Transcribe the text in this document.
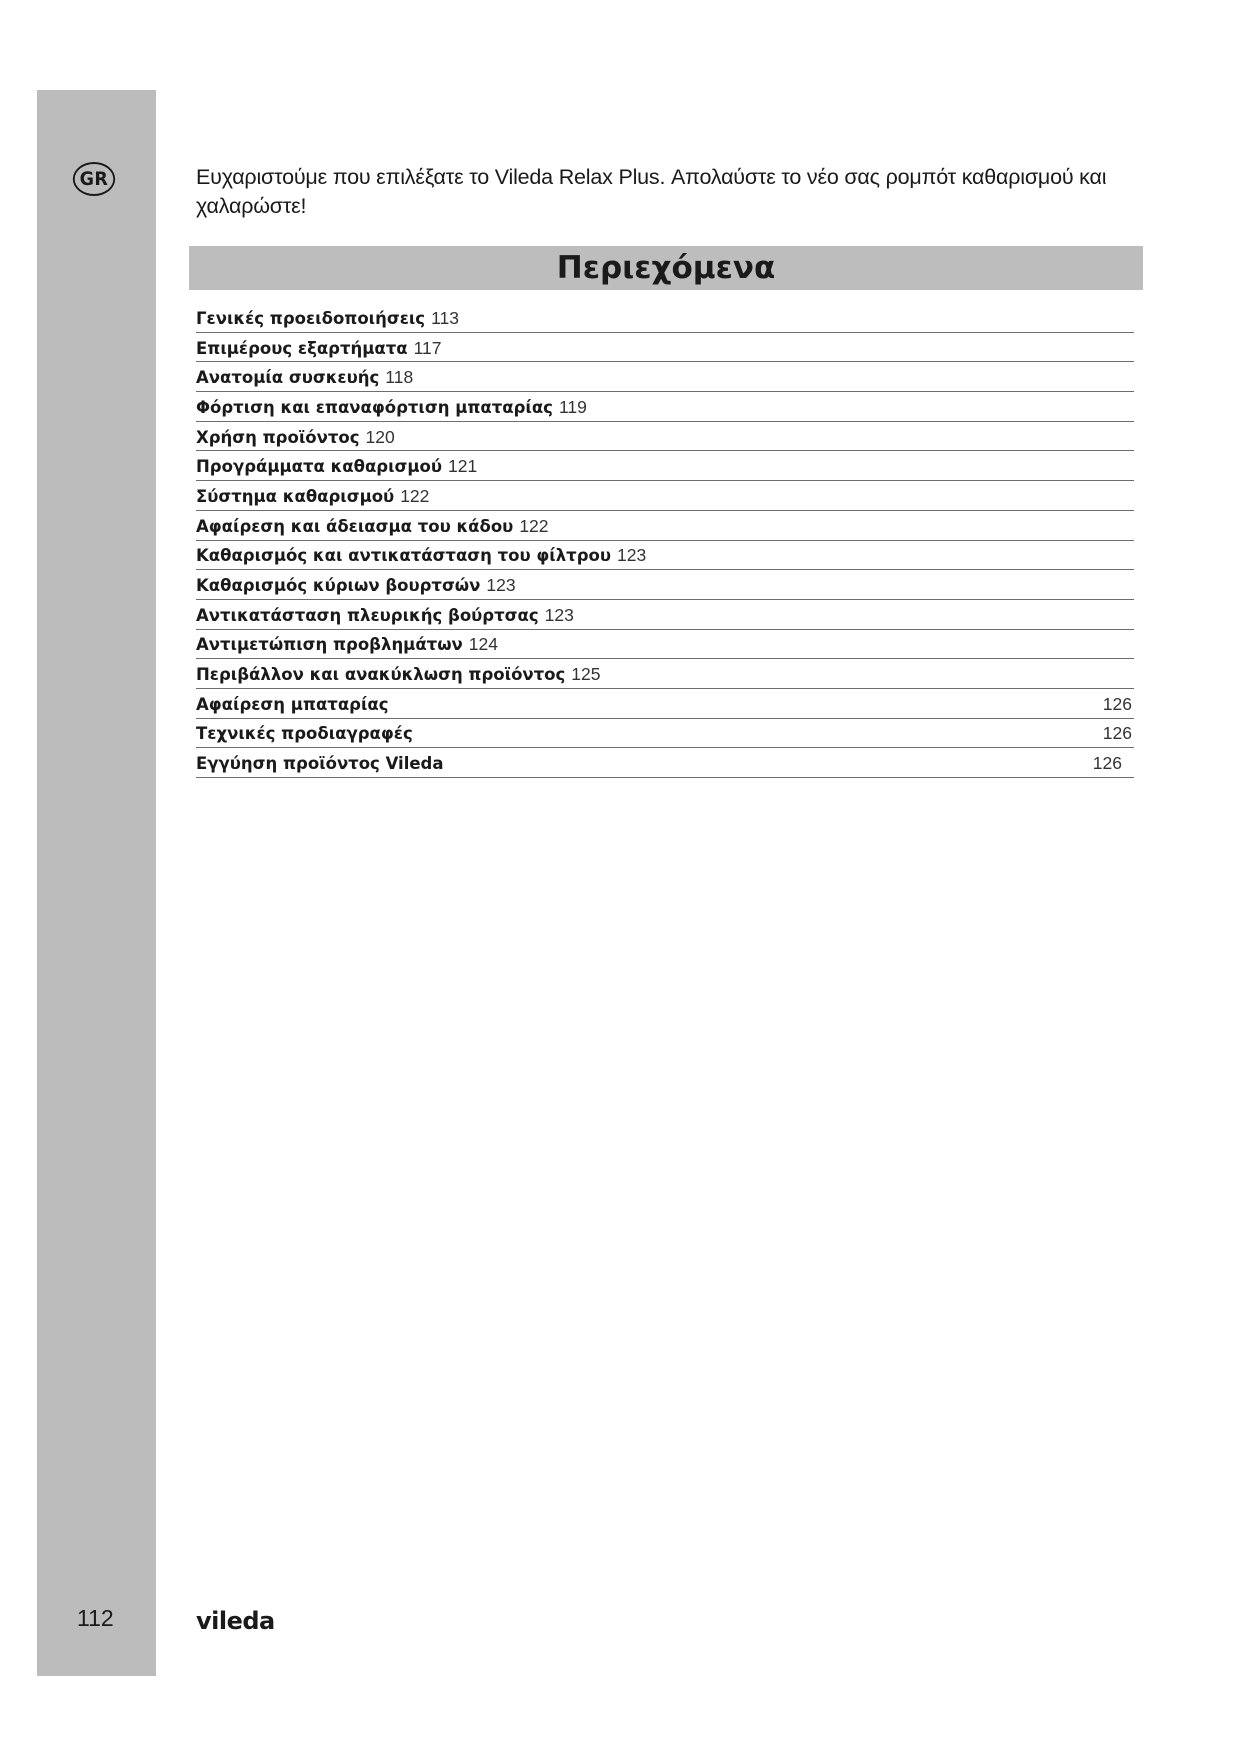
GR
112

Ευχαριστούμε που επιλέξατε το Vileda Relax Plus. Απολαύστε το νέο σας ρομπότ καθαρισμού και χαλαρώστε!

Περιεχόμενα
Γενικές προειδοποιήσεις 113
Επιμέρους εξαρτήματα 117
Ανατομία συσκευής 118
Φόρτιση και επαναφόρτιση μπαταρίας 119
Χρήση προϊόντος 120
Προγράμματα καθαρισμού 121
Σύστημα καθαρισμού 122
Αφαίρεση και άδειασμα του κάδου 122
Καθαρισμός και αντικατάσταση του φίλτρου 123
Καθαρισμός κύριων βουρτσών 123
Αντικατάσταση πλευρικής βούρτσας 123
Αντιμετώπιση προβλημάτων 124
Περιβάλλον και ανακύκλωση προϊόντος 125
Αφαίρεση μπαταρίας	126
Τεχνικές προδιαγραφές	126
Εγγύηση προϊόντος Vileda	126
vileda
